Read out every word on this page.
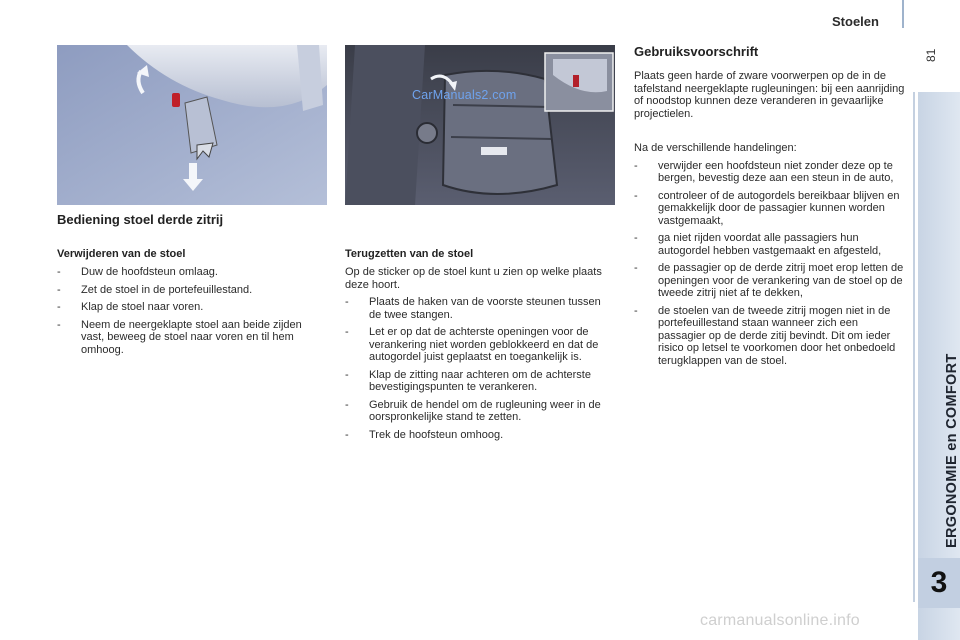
Stoelen
81
ERGONOMIE en COMFORT
3
CarManuals2.com
Bediening stoel derde zitrij
Verwijderen van de stoel
- Duw de hoofdsteun omlaag.
- Zet de stoel in de portefeuillestand.
- Klap de stoel naar voren.
- Neem de neergeklapte stoel aan beide zijden vast, beweeg de stoel naar voren en til hem omhoog.
Terugzetten van de stoel
Op de sticker op de stoel kunt u zien op welke plaats deze hoort.
- Plaats de haken van de voorste steunen tussen de twee stangen.
- Let er op dat de achterste openingen voor de verankering niet worden geblokkeerd en dat de autogordel juist geplaatst en toegankelijk is.
- Klap de zitting naar achteren om de achterste bevestigingspunten te verankeren.
- Gebruik de hendel om de rugleuning weer in de oorspronkelijke stand te zetten.
- Trek de hoofsteun omhoog.
Gebruiksvoorschrift
Plaats geen harde of zware voorwerpen op de in de tafelstand neergeklapte rugleuningen: bij een aanrijding of noodstop kunnen deze veranderen in gevaarlijke projectielen.
Na de verschillende handelingen:
- verwijder een hoofdsteun niet zonder deze op te bergen, bevestig deze aan een steun in de auto,
- controleer of de autogordels bereikbaar blijven en gemakkelijk door de passagier kunnen worden vastgemaakt,
- ga niet rijden voordat alle passagiers hun autogordel hebben vastgemaakt en afgesteld,
- de passagier op de derde zitrij moet erop letten de openingen voor de verankering van de stoel op de tweede zitrij niet af te dekken,
- de stoelen van de tweede zitrij mogen niet in de portefeuillestand staan wanneer zich een passagier op de derde zitij bevindt. Dit om ieder risico op letsel te voorkomen door het onbedoeld terugklappen van de stoel.
carmanualsonline.info
